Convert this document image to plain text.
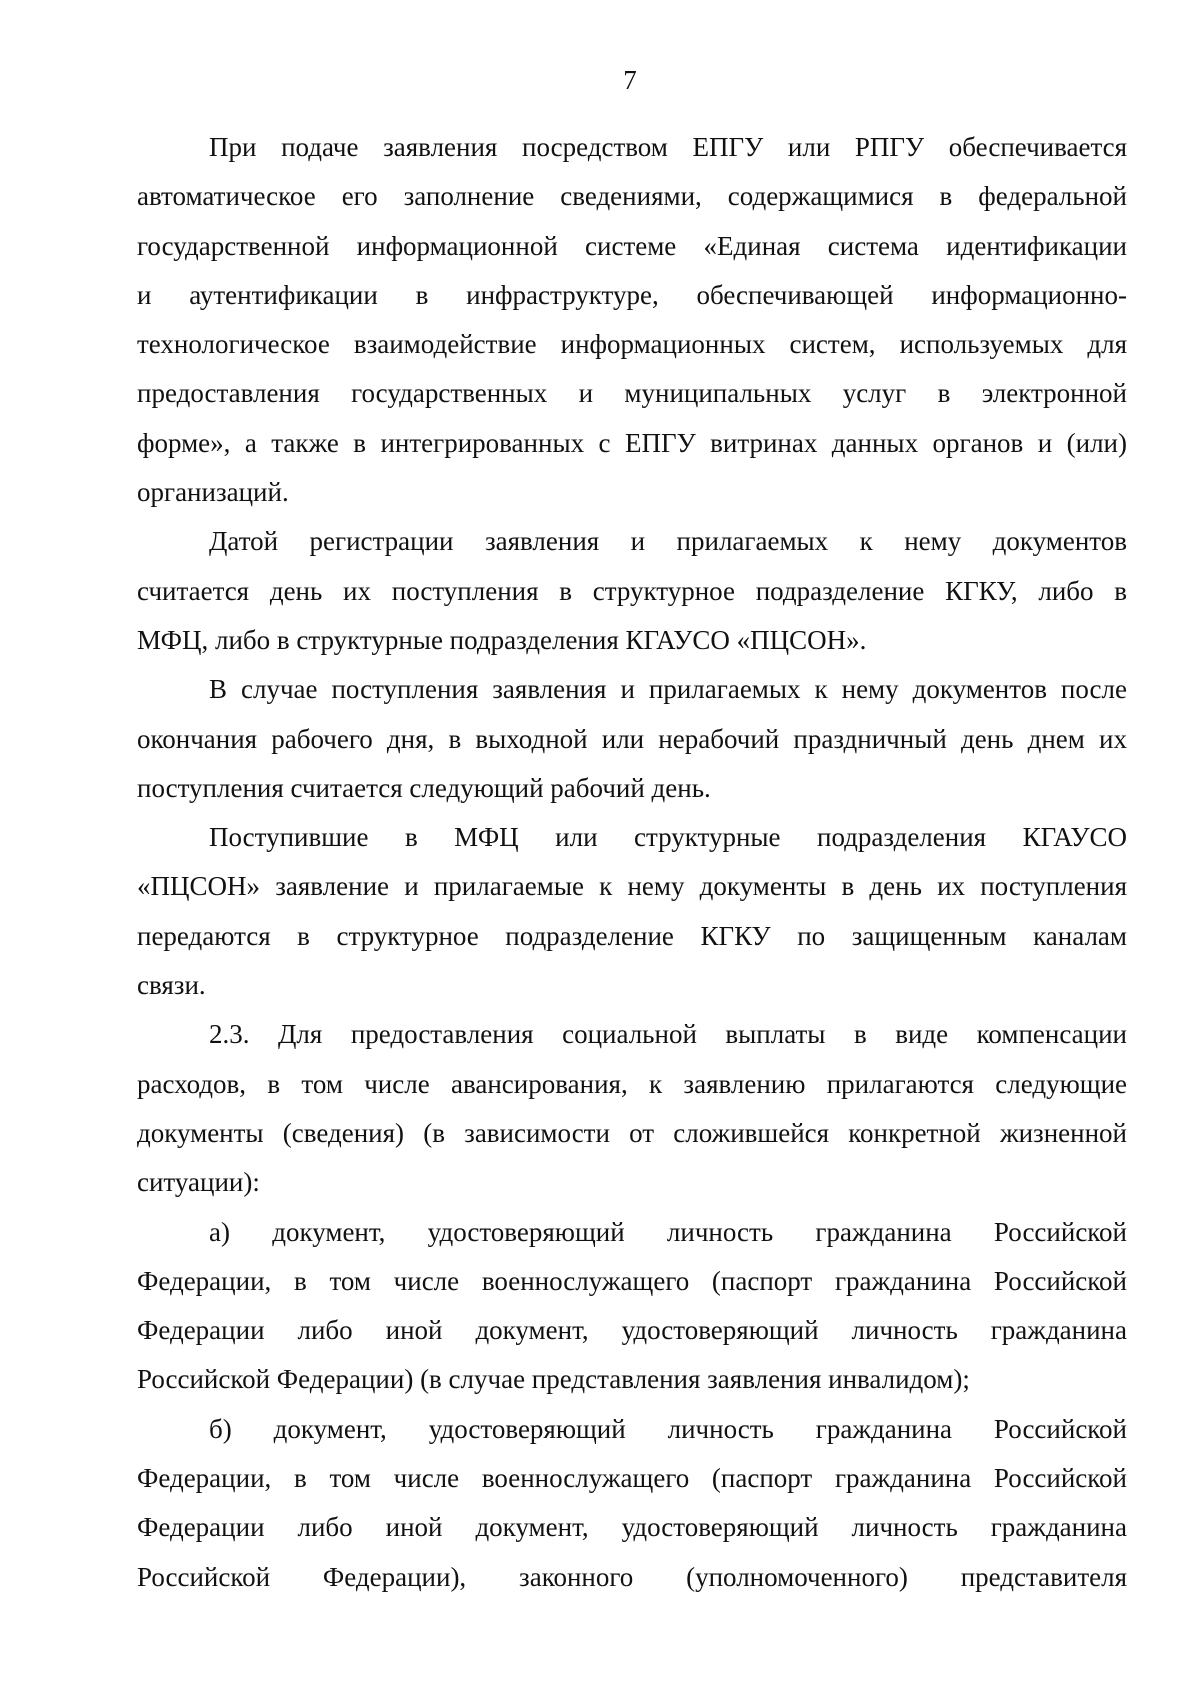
7

При подаче заявления посредством ЕПГУ или РПГУ обеспечивается
автоматическое его заполнение сведениями, содержащимися в федеральной
государственной информационной системе «Единая система идентификации
и аутентификации в инфраструктуре, обеспечивающей информационно-
технологическое взаимодействие информационных систем, используемых для
предоставления государственных и муниципальных услуг в электронной
форме», а также в интегрированных с ЕПГУ витринах данных органов и (или)
организаций.

Датой регистрации заявления и прилагаемых к нему документов
считается день их поступления в структурное подразделение КГКУ, либо в
МФЦ, либо в структурные подразделения КГАУСО «ПЦСОН».

В случае поступления заявления и прилагаемых к нему документов после
окончания рабочего дня, в выходной или нерабочий праздничный день днем их
поступления считается следующий рабочий день.

Поступившие в МФЦ или структурные подразделения КГАУСО
«ПЦСОН» заявление и прилагаемые к нему документы в день их поступления
передаются в структурное подразделение КГКУ по защищенным каналам
связи.

2.3. Для предоставления социальной выплаты в виде компенсации
расходов, в том числе авансирования, к заявлению прилагаются следующие
документы (сведения) (в зависимости от сложившейся конкретной жизненной
ситуации):

а) документ, удостоверяющий личность гражданина Российской
Федерации, в том числе военнослужащего (паспорт гражданина Российской
Федерации либо иной документ, удостоверяющий личность гражданина
Российской Федерации) (в случае представления заявления инвалидом);

б) документ, удостоверяющий личность гражданина Российской
Федерации, в том числе военнослужащего (паспорт гражданина Российской
Федерации либо иной документ, удостоверяющий личность гражданина
Российской Федерации), законного (уполномоченного) представителя
